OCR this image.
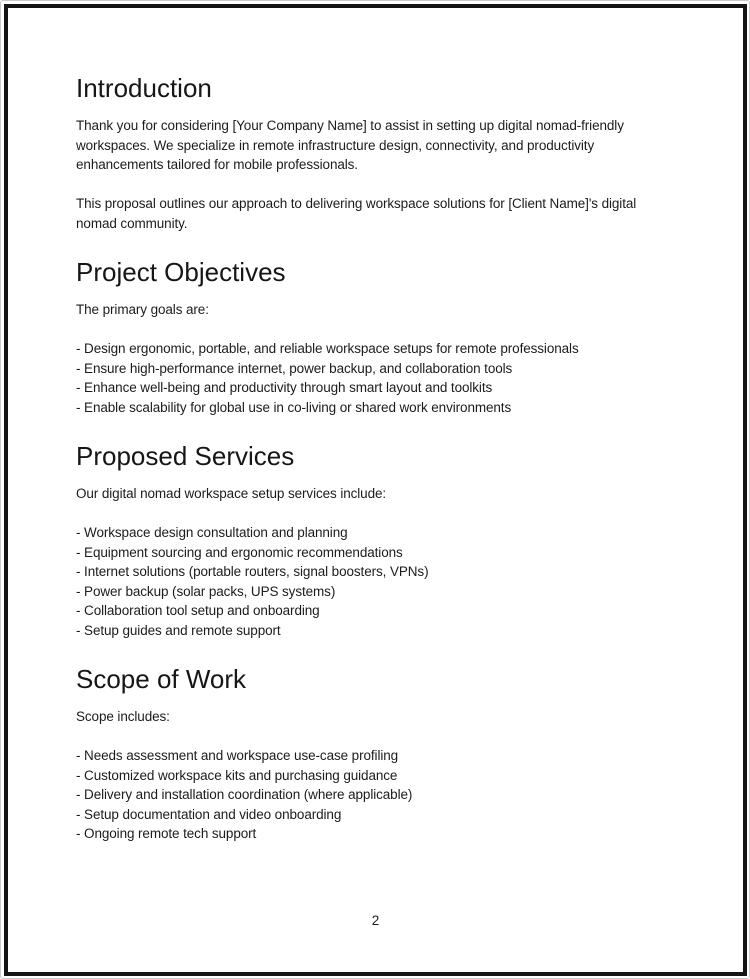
Introduction

Thank you for considering [Your Company Name] to assist in setting up digital nomad-friendly workspaces. We specialize in remote infrastructure design, connectivity, and productivity enhancements tailored for mobile professionals.

This proposal outlines our approach to delivering workspace solutions for [Client Name]'s digital nomad community.

Project Objectives

The primary goals are:

- Design ergonomic, portable, and reliable workspace setups for remote professionals
- Ensure high-performance internet, power backup, and collaboration tools
- Enhance well-being and productivity through smart layout and toolkits
- Enable scalability for global use in co-living or shared work environments
Proposed Services

Our digital nomad workspace setup services include:

- Workspace design consultation and planning
- Equipment sourcing and ergonomic recommendations
- Internet solutions (portable routers, signal boosters, VPNs)
- Power backup (solar packs, UPS systems)
- Collaboration tool setup and onboarding
- Setup guides and remote support
Scope of Work

Scope includes:

- Needs assessment and workspace use-case profiling
- Customized workspace kits and purchasing guidance
- Delivery and installation coordination (where applicable)
- Setup documentation and video onboarding
- Ongoing remote tech support
2
